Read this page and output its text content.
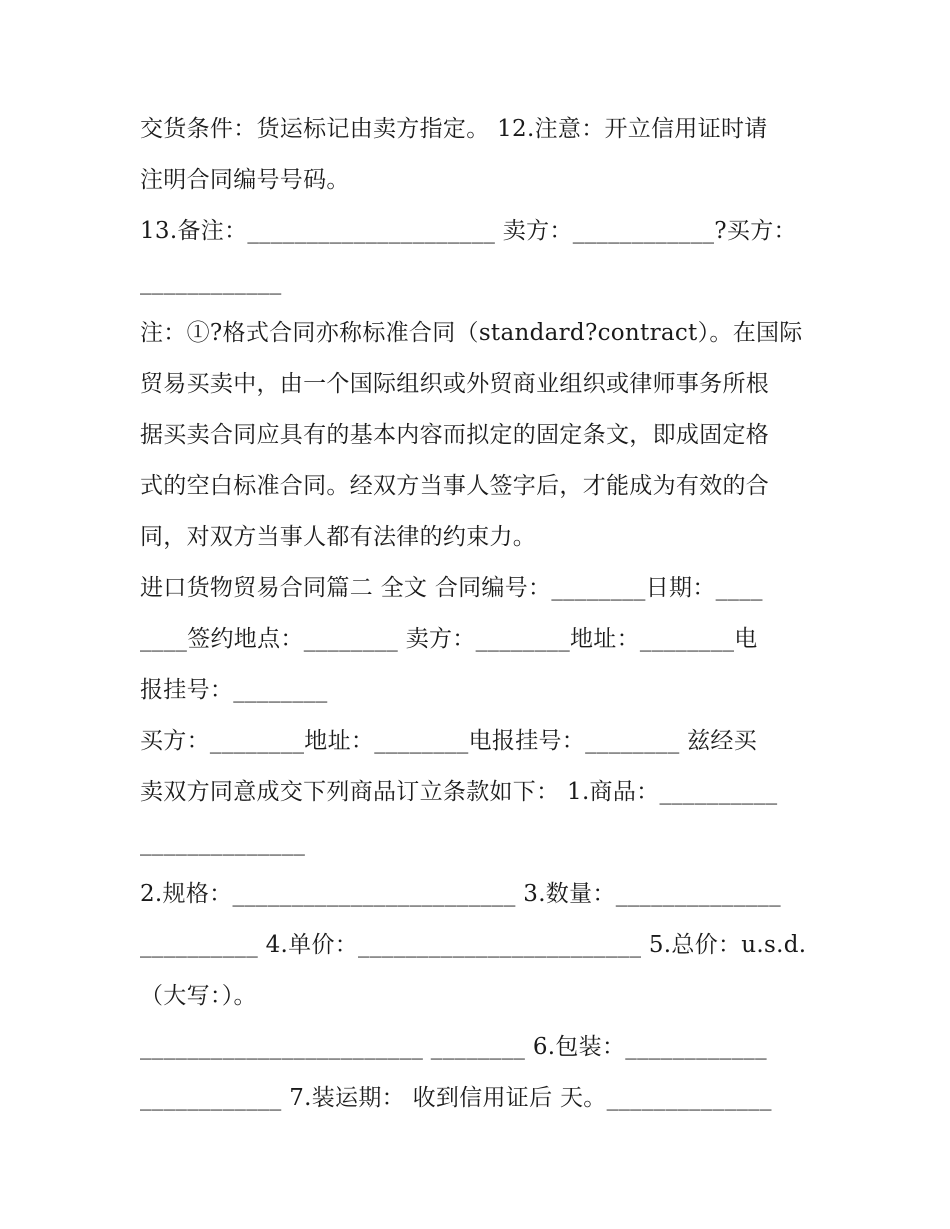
交货条件：货运标记由卖方指定。 12.注意：开立信用证时请
注明合同编号号码。
13.备注：_____________________ 卖方：____________?买方：
____________
注：①?格式合同亦称标准合同（standard?contract）。在国际
贸易买卖中，由一个国际组织或外贸商业组织或律师事务所根
据买卖合同应具有的基本内容而拟定的固定条文，即成固定格
式的空白标准合同。经双方当事人签字后，才能成为有效的合
同，对双方当事人都有法律的约束力。
进口货物贸易合同篇二 全文 合同编号：________日期：____
____签约地点：________ 卖方：________地址：________电
报挂号：________
买方：________地址：________电报挂号：________ 兹经买
卖双方同意成交下列商品订立条款如下： 1.商品：__________
______________
2.规格：________________________ 3.数量：______________
__________ 4.单价：________________________ 5.总价：u.s.d.
（大写：）。
________________________ ________ 6.包装：____________
____________ 7.装运期： 收到信用证后 天。______________
